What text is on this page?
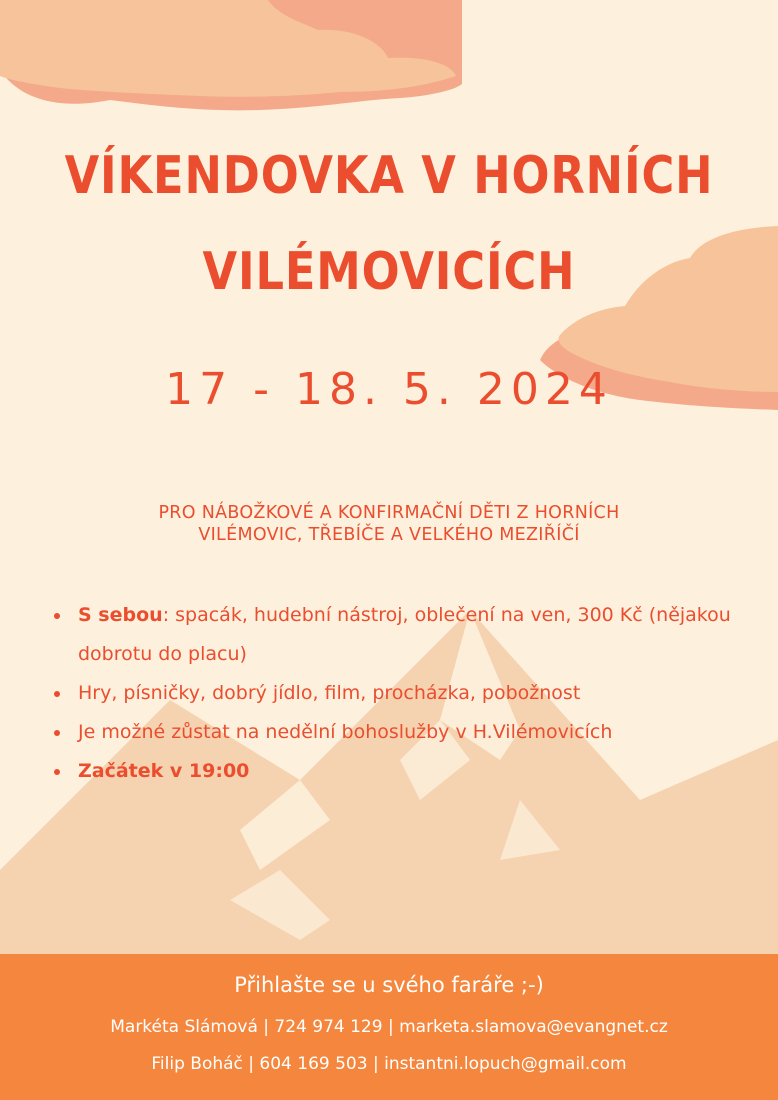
VÍKENDOVKA V HORNÍCH
VILÉMOVICÍCH
17 - 18. 5. 2024
PRO NÁBOŽKOVÉ A KONFIRMAČNÍ DĚTI Z HORNÍCH
VILÉMOVIC, TŘEBÍČE A VELKÉHO MEZIŘÍČÍ
S sebou: spacák, hudební nástroj, oblečení na ven, 300 Kč (nějakou dobrotu do placu)
Hry, písničky, dobrý jídlo, film, procházka, pobožnost
Je možné zůstat na nedělní bohoslužby v H.Vilémovicích
Začátek v 19:00
Přihlašte se u svého faráře ;-)
Markéta Slámová | 724 974 129 | marketa.slamova@evangnet.cz
Filip Boháč | 604 169 503 | instantni.lopuch@gmail.com
